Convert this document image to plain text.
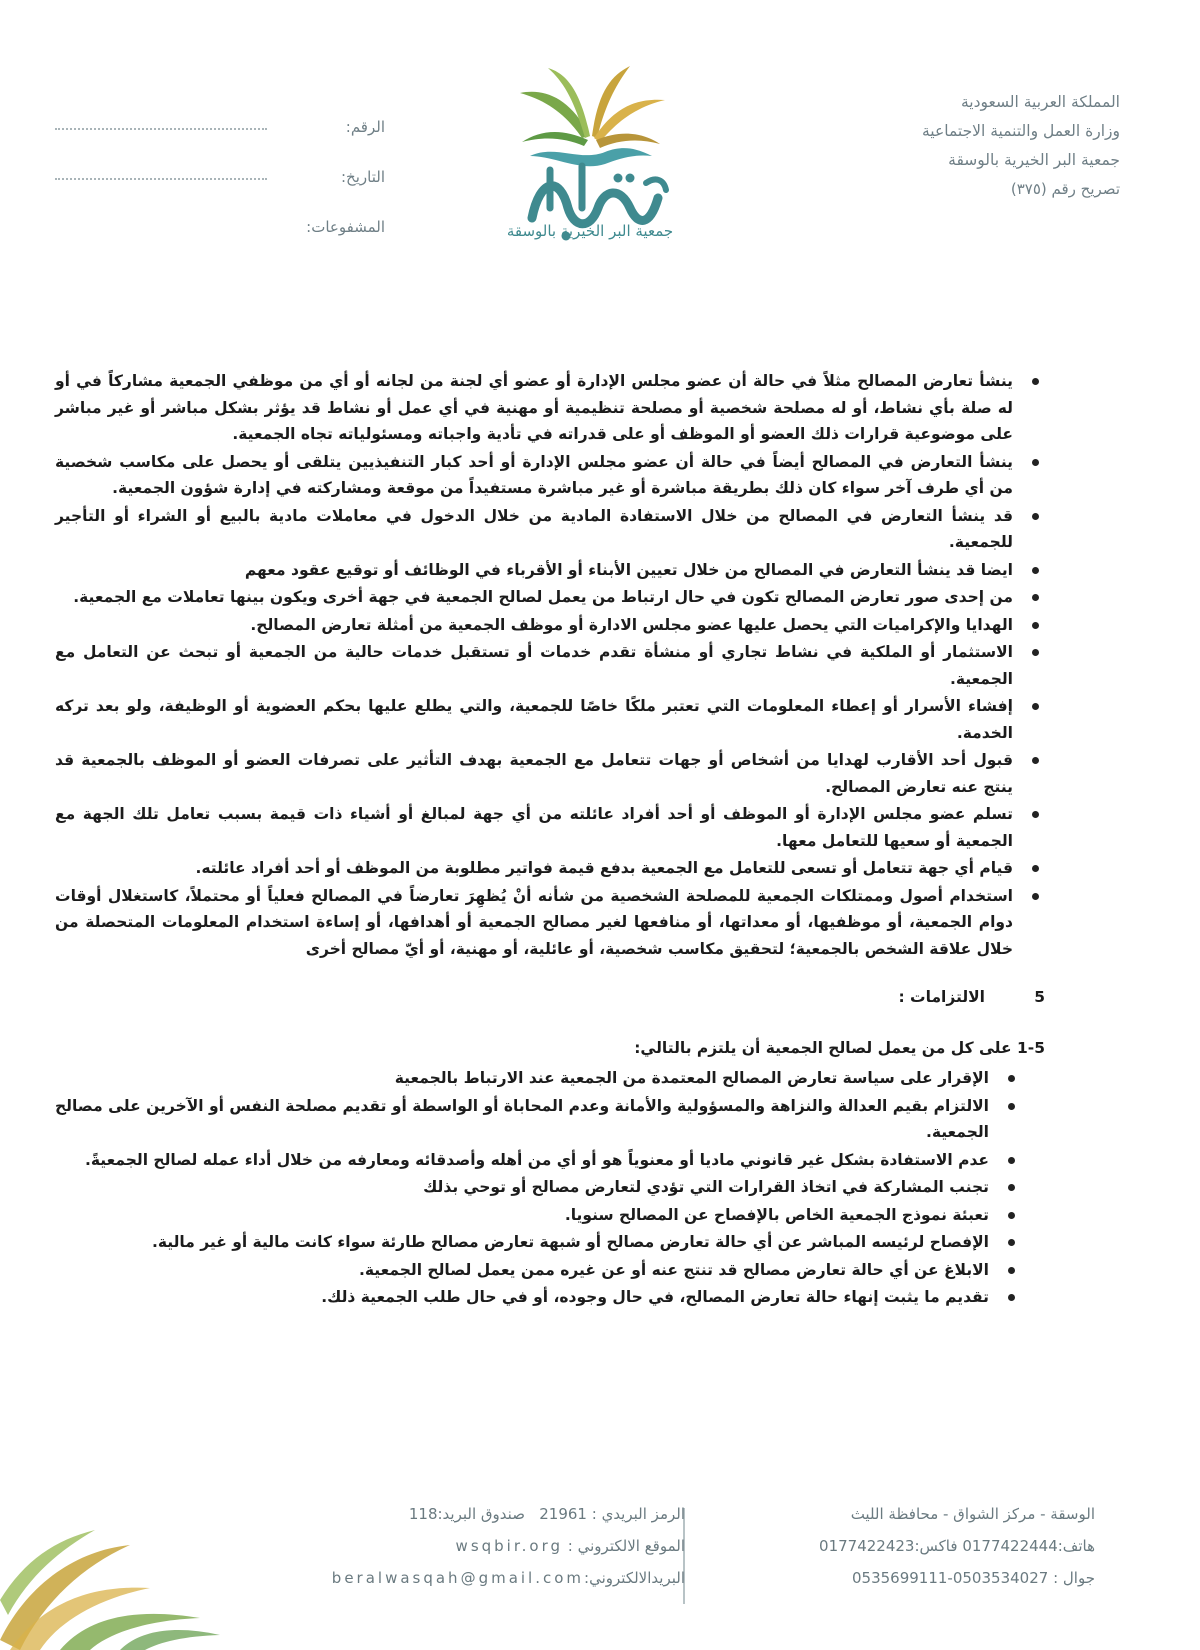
المملكة العربية السعودية
وزارة العمل والتنمية الاجتماعية
جمعية البر الخيرية بالوسقة
تصريح رقم (٣٧٥)
جمعية البر الخيرية بالوسقة
الرقم:
التاريخ:
المشفوعات:
ينشأ تعارض المصالح مثلاً في حالة أن عضو مجلس الإدارة أو عضو أي لجنة من لجانه أو أي من موظفي الجمعية مشاركاً في أو له صلة بأي نشاط، أو له مصلحة شخصية أو مصلحة تنظيمية أو مهنية في أي عمل أو نشاط قد يؤثر بشكل مباشر أو غير مباشر على موضوعية قرارات ذلك العضو أو الموظف أو على قدراته في تأدية واجباته ومسئولياته تجاه الجمعية.
ينشأ التعارض في المصالح أيضاً في حالة أن عضو مجلس الإدارة أو أحد كبار التنفيذيين يتلقى أو يحصل على مكاسب شخصية من أي طرف آخر سواء كان ذلك بطريقة مباشرة أو غير مباشرة مستفيداً من موقعة ومشاركته في إدارة شؤون الجمعية.
قد ينشأ التعارض في المصالح من خلال الاستفادة المادية من خلال الدخول في معاملات مادية بالبيع أو الشراء أو التأجير للجمعية.
ايضا قد ينشأ التعارض في المصالح من خلال تعيين الأبناء أو الأقرباء في الوظائف أو توقيع عقود معهم
من إحدى صور تعارض المصالح تكون في حال ارتباط من يعمل لصالح الجمعية في جهة أخرى ويكون بينها تعاملات مع الجمعية.
الهدايا والإكراميات التي يحصل عليها عضو مجلس الادارة أو موظف الجمعية من أمثلة تعارض المصالح.
الاستثمار أو الملكية في نشاط تجاري أو منشأة تقدم خدمات أو تستقبل خدمات حالية من الجمعية أو تبحث عن التعامل مع الجمعية.
إفشاء الأسرار أو إعطاء المعلومات التي تعتبر ملكًا خاصًا للجمعية، والتي يطلع عليها بحكم العضوية أو الوظيفة، ولو بعد تركه الخدمة.
قبول أحد الأقارب لهدايا من أشخاص أو جهات تتعامل مع الجمعية بهدف التأثير على تصرفات العضو أو الموظف بالجمعية قد ينتج عنه تعارض المصالح.
تسلم عضو مجلس الإدارة أو الموظف أو أحد أفراد عائلته من أي جهة لمبالغ أو أشياء ذات قيمة بسبب تعامل تلك الجهة مع الجمعية أو سعيها للتعامل معها.
قيام أي جهة تتعامل أو تسعى للتعامل مع الجمعية بدفع قيمة فواتير مطلوبة من الموظف أو أحد أفراد عائلته.
استخدام أصول وممتلكات الجمعية للمصلحة الشخصية من شأنه أنْ يُظهِرَ تعارضاً في المصالح فعلياً أو محتملاً، كاستغلال أوقات دوام الجمعية، أو موظفيها، أو معداتها، أو منافعها لغير مصالح الجمعية أو أهدافها، أو إساءة استخدام المعلومات المتحصلة من خلال علاقة الشخص بالجمعية؛ لتحقيق مكاسب شخصية، أو عائلية، أو مهنية، أو أيّ مصالح أخرى
5
الالتزامات :
1-5 على كل من يعمل لصالح الجمعية أن يلتزم بالتالي:
الإقرار على سياسة تعارض المصالح المعتمدة من الجمعية عند الارتباط بالجمعية
الالتزام بقيم العدالة والنزاهة والمسؤولية والأمانة وعدم المحاباة أو الواسطة أو تقديم مصلحة النفس أو الآخرين على مصالح الجمعية.
عدم الاستفادة بشكل غير قانوني ماديا أو معنوياً هو أو أي من أهله وأصدقائه ومعارفه من خلال أداء عمله لصالح الجمعيةً.
تجنب المشاركة في اتخاذ القرارات التي تؤدي لتعارض مصالح أو توحي بذلك
تعبئة نموذج الجمعية الخاص بالإفصاح عن المصالح سنويا.
الإفصاح لرئيسه المباشر عن أي حالة تعارض مصالح أو شبهة تعارض مصالح طارئة سواء كانت مالية أو غير مالية.
الابلاغ عن أي حالة تعارض مصالح قد تنتج عنه أو عن غيره ممن يعمل لصالح الجمعية.
تقديم ما يثبت إنهاء حالة تعارض المصالح، في حال وجوده، أو في حال طلب الجمعية ذلك.
الوسقة - مركز الشواق - محافظة الليث
هاتف:0177422444 فاكس:0177422423
جوال : 0535699111-0503534027
الرمز البريدي : 21961   صندوق البريد:118
الموقع الالكتروني : wsqbir.org
البريدالالكتروني:beralwasqah@gmail.com
